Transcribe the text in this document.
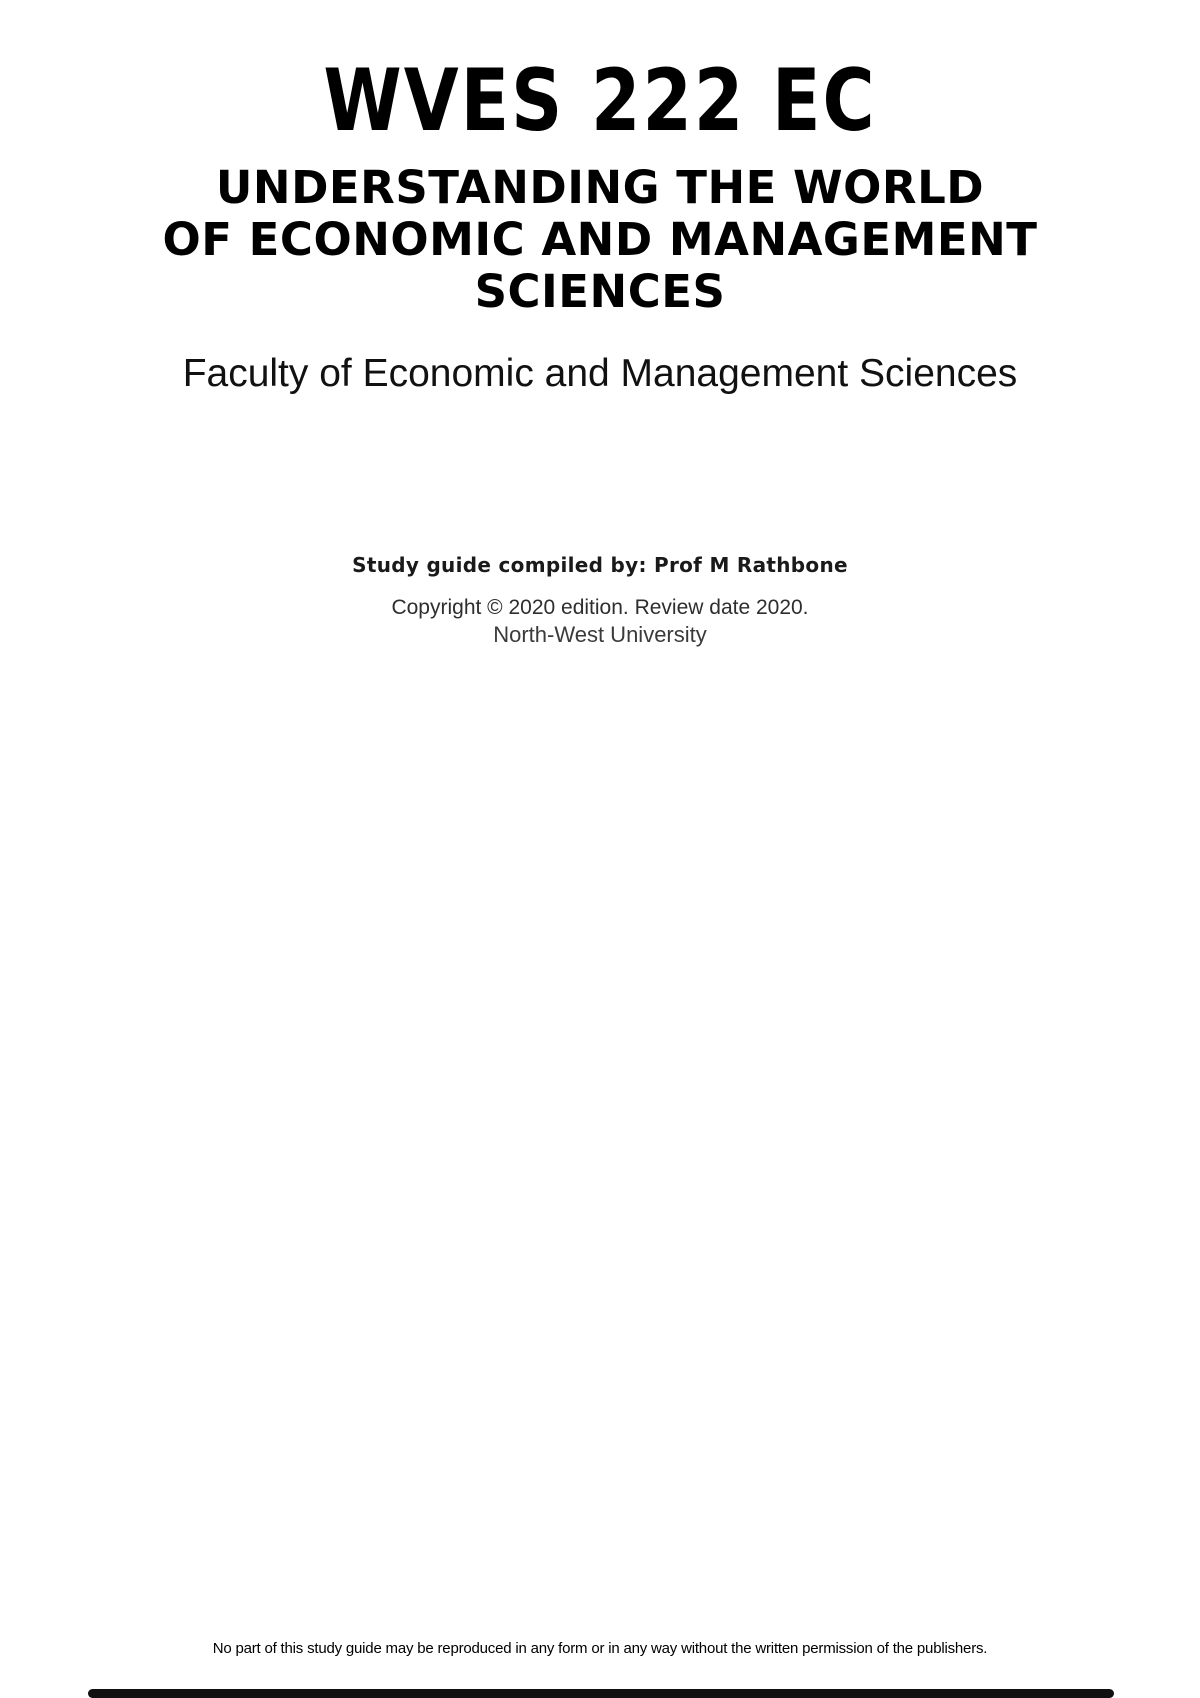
WVES 222 EC
UNDERSTANDING THE WORLD
OF ECONOMIC AND MANAGEMENT
SCIENCES
Faculty of Economic and Management Sciences
Study guide compiled by: Prof M Rathbone
Copyright © 2020 edition. Review date 2020.
North-West University
No part of this study guide may be reproduced in any form or in any way without the written permission of the publishers.
